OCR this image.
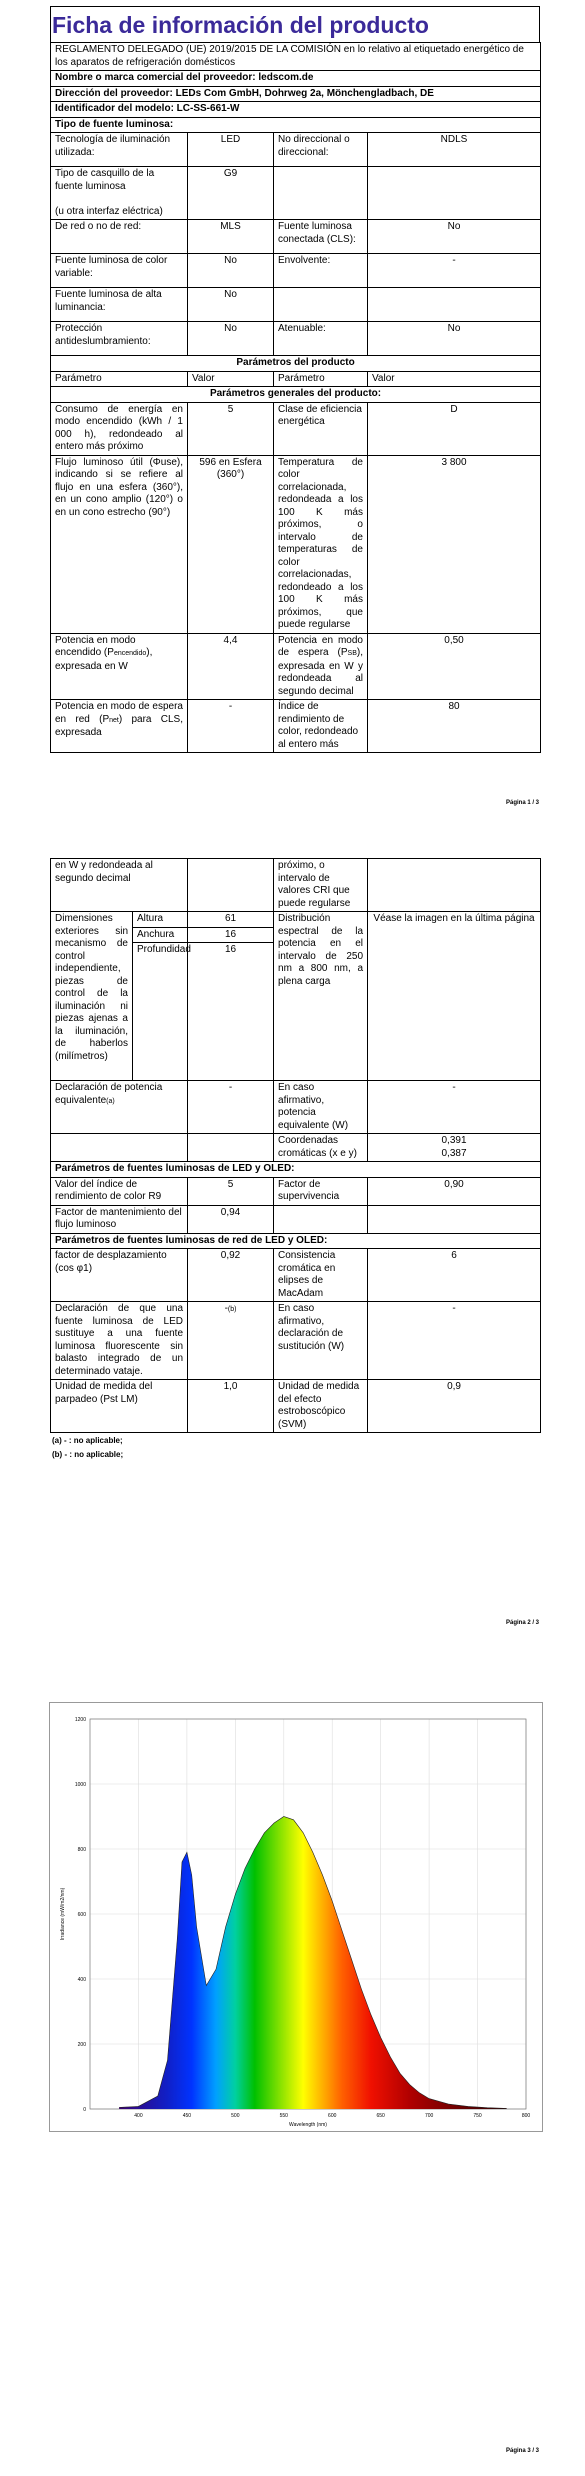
Ficha de información del producto
REGLAMENTO DELEGADO (UE) 2019/2015 DE LA COMISIÓN en lo relativo al etiquetado energético de los aparatos de refrigeración domésticos			
Nombre o marca comercial del proveedor: ledscom.de			
Dirección del proveedor: LEDs Com GmbH, Dohrweg 2a, Mönchengladbach, DE			
Identificador del modelo: LC-SS-661-W			
Tipo de fuente luminosa:			
Tecnología de iluminación utilizada:	LED	No direccional o direccional:	NDLS
Tipo de casquillo de la fuente luminosa

(u otra interfaz eléctrica)	G9		
De red o no de red:	MLS	Fuente luminosa conectada (CLS):	No
Fuente luminosa de color variable:	No	Envolvente:	-
Fuente luminosa de alta luminancia:	No		
Protección antideslumbramiento:	No	Atenuable:	No
Parámetros del producto			
Parámetro	Valor	Parámetro	Valor
Parámetros generales del producto:			
Consumo de energía en modo encendido (kWh / 1 000 h), redondeado al entero más próximo	5	Clase de eficiencia energética	D
Flujo luminoso útil (Φuse), indicando si se refiere al flujo en una esfera (360°), en un cono amplio (120°) o en un cono estrecho (90°)	596 en Esfera (360°)	Temperatura de color correlacionada, redondeada a los 100 K más próximos, o intervalo de temperaturas de color correlacionadas, redondeado a los 100 K más próximos, que puede regularse	3 800
Potencia en modo encendido (Pencendido), expresada en W	4,4	Potencia en modo de espera (PSB), expresada en W y redondeada al segundo decimal	0,50
Potencia en modo de espera en red (Pnet) para CLS, expresada	-	Índice de rendimiento de color, redondeado al entero más	80
Página 1 / 3
en W y redondeada al segundo decimal			próximo, o intervalo de valores CRI que puede regularse	
Dimensiones exteriores sin mecanismo de control independiente, piezas de control de la iluminación ni piezas ajenas a la iluminación, de haberlos (milímetros)	Altura	61	Distribución espectral de la potencia en el intervalo de 250 nm a 800 nm, a plena carga	Véase la imagen en la última página
	Anchura	16		
	Profundidad	16		
Declaración de potencia equivalente(a)		-	En caso afirmativo, potencia equivalente (W)	-
			Coordenadas cromáticas (x e y)	0,391
0,387
Parámetros de fuentes luminosas de LED y OLED:				
Valor del índice de rendimiento de color R9		5	Factor de supervivencia	0,90
Factor de mantenimiento del flujo luminoso		0,94		
Parámetros de fuentes luminosas de red de LED y OLED:				
factor de desplazamiento (cos φ1)		0,92	Consistencia cromática en elipses de MacAdam	6
Declaración de que una fuente luminosa de LED sustituye a una fuente luminosa fluorescente sin balasto integrado de un determinado vataje.		-(b)	En caso afirmativo, declaración de sustitución (W)	-
Unidad de medida del parpadeo (Pst LM)		1,0	Unidad de medida del efecto estroboscópico (SVM)	0,9
(a) - : no aplicable;
(b) - : no aplicable;
Página 2 / 3
Página 3 / 3
400	450	500	550	600	650	700	750	800
0
200
400
600
800
1000
1200
Wavelength (nm)
Irradiance (mW/m2/nm)
